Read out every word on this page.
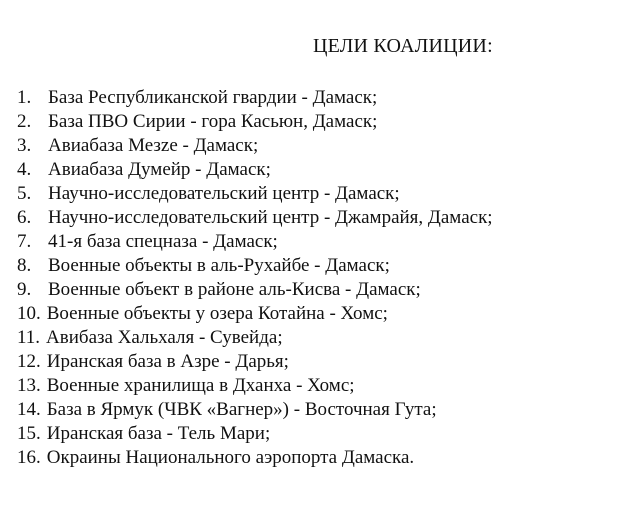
ЦЕЛИ КОАЛИЦИИ:
1. База Республиканской гвардии - Дамаск;
2. База ПВО Сирии - гора Касьюн, Дамаск;
3. Авиабаза Мезze - Дамаск;
4. Авиабаза Думейр - Дамаск;
5. Научно-исследовательский центр - Дамаск;
6. Научно-исследовательский центр - Джамрайя, Дамаск;
7. 41-я база спецназа - Дамаск;
8. Военные объекты в аль-Рухайбе - Дамаск;
9. Военные объект в районе аль-Кисва - Дамаск;
10. Военные объекты у озера Котайна - Хомс;
11. Авибаза Хальхаля - Сувейда;
12. Иранская база в Азре - Дарья;
13. Военные хранилища в Дханха - Хомс;
14. База в Ярмук (ЧВК «Вагнер») - Восточная Гута;
15. Иранская база - Тель Мари;
16. Окраины Национального аэропорта Дамаска.
